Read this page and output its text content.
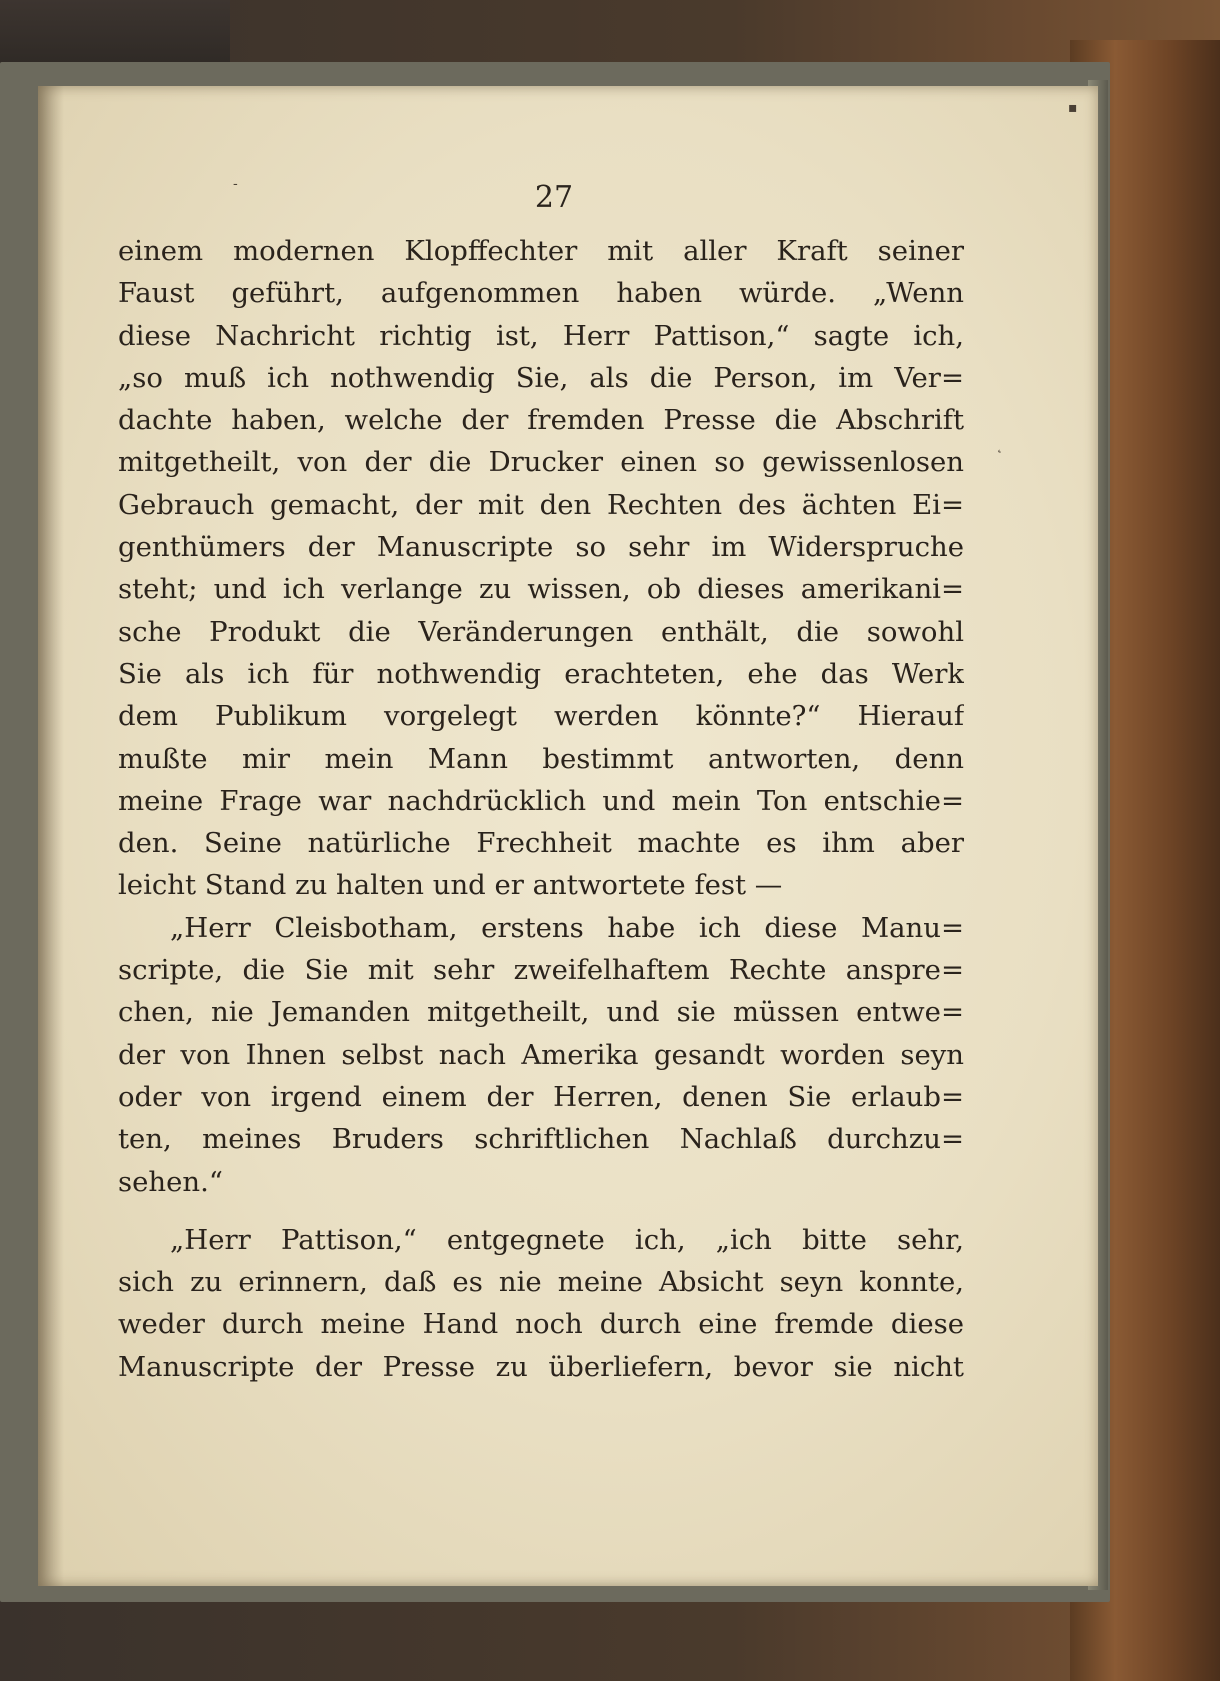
▪
˛
-	27
einem modernen Klopffechter mit aller Kraft seiner
Faust geführt, aufgenommen haben würde. „Wenn
diese Nachricht richtig ist, Herr Pattison,“ sagte ich,
„so muß ich nothwendig Sie, als die Person, im Ver=
dachte haben, welche der fremden Presse die Abschrift
mitgetheilt, von der die Drucker einen so gewissenlosen
Gebrauch gemacht, der mit den Rechten des ächten Ei=
genthümers der Manuscripte so sehr im Widerspruche
steht; und ich verlange zu wissen, ob dieses amerikani=
sche Produkt die Veränderungen enthält, die sowohl
Sie als ich für nothwendig erachteten, ehe das Werk
dem Publikum vorgelegt werden könnte?“ Hierauf
mußte mir mein Mann bestimmt antworten, denn
meine Frage war nachdrücklich und mein Ton entschie=
den. Seine natürliche Frechheit machte es ihm aber
leicht Stand zu halten und er antwortete fest —
„Herr Cleisbotham, erstens habe ich diese Manu=
scripte, die Sie mit sehr zweifelhaftem Rechte anspre=
chen, nie Jemanden mitgetheilt, und sie müssen entwe=
der von Ihnen selbst nach Amerika gesandt worden seyn
oder von irgend einem der Herren, denen Sie erlaub=
ten, meines Bruders schriftlichen Nachlaß durchzu=
sehen.“
„Herr Pattison,“ entgegnete ich, „ich bitte sehr,
sich zu erinnern, daß es nie meine Absicht seyn konnte,
weder durch meine Hand noch durch eine fremde diese
Manuscripte der Presse zu überliefern, bevor sie nicht
